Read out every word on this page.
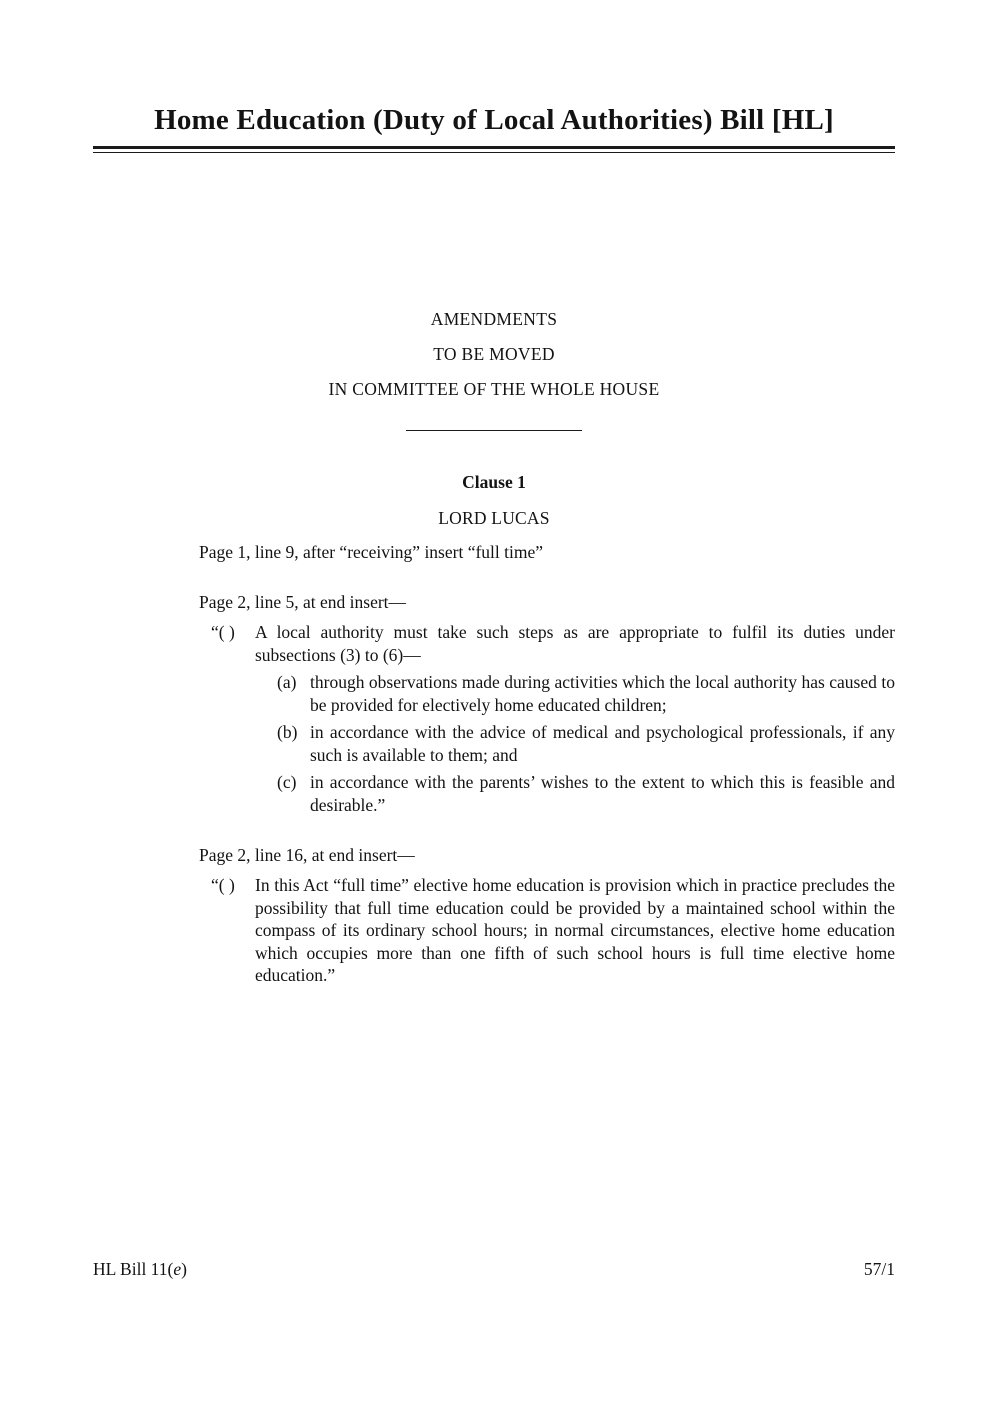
Home Education (Duty of Local Authorities) Bill [HL]
AMENDMENTS
TO BE MOVED
IN COMMITTEE OF THE WHOLE HOUSE
Clause 1
LORD LUCAS

Page 1, line 9, after “receiving” insert “full time”

Page 2, line 5, at end insert—

“( ) A local authority must take such steps as are appropriate to fulfil its duties under subsections (3) to (6)—
(a) through observations made during activities which the local authority has caused to be provided for electively home educated children;
(b) in accordance with the advice of medical and psychological professionals, if any such is available to them; and
(c) in accordance with the parents’ wishes to the extent to which this is feasible and desirable.”

Page 2, line 16, at end insert—

“( ) In this Act “full time” elective home education is provision which in practice precludes the possibility that full time education could be provided by a maintained school within the compass of its ordinary school hours; in normal circumstances, elective home education which occupies more than one fifth of such school hours is full time elective home education.”
HL Bill 11(e)	57/1
